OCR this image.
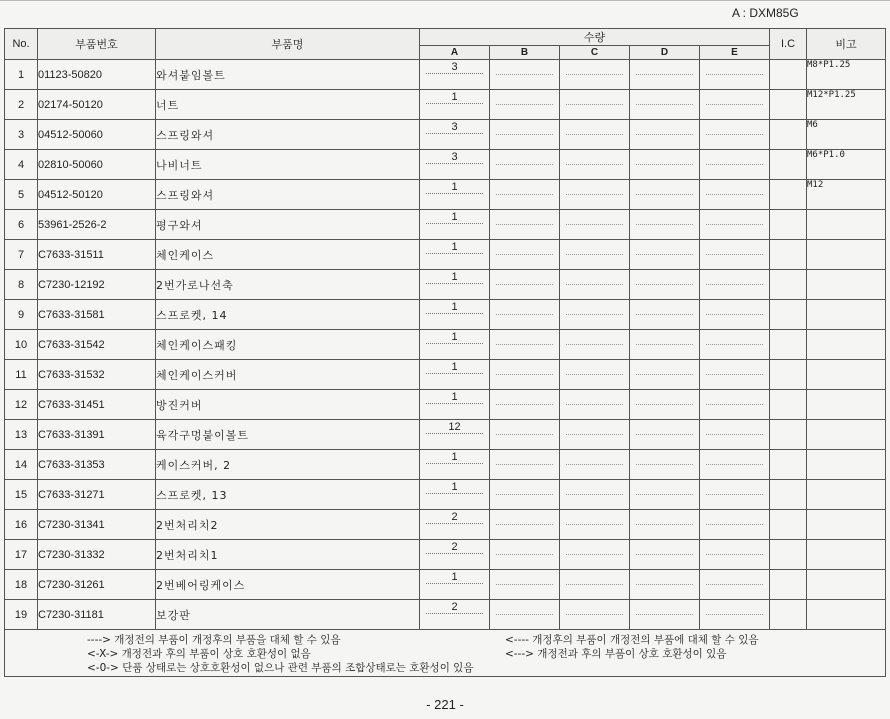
A : DXM85G
No.	부품번호	부품명	수량					I.C	비고
			A	B	C	D	E		
1	01123-50820	와셔붙임볼트	3						M8*P1.25
2	02174-50120	너트	1						M12*P1.25
3	04512-50060	스프링와셔	3						M6
4	02810-50060	나비너트	3						M6*P1.0
5	04512-50120	스프링와셔	1						M12
6	53961-2526-2	평구와셔	1						

7	C7633-31511	체인케이스	1						

8	C7230-12192	2번가로나선축	1						

9	C7633-31581	스프로켓, 14	1						

10	C7633-31542	체인케이스패킹	1						

11	C7633-31532	체인케이스커버	1						

12	C7633-31451	방진커버	1						

13	C7633-31391	육각구멍붙이볼트	12						

14	C7633-31353	케이스커버, 2	1						

15	C7633-31271	스프로켓, 13	1						

16	C7230-31341	2번처리치2	2						

17	C7230-31332	2번처리치1	2						

18	C7230-31261	2번베어링케이스	1						

19	C7230-31181	보강판	2						

----> 개정전의 부품이 개정후의 부품을 대체 할 수 있음 <---- 개정후의 부품이 개정전의 부품에 대체 할 수 있음
<-X-> 개정전과 후의 부품이 상호 호환성이 없음 <---> 개정전과 후의 부품이 상호 호환성이 있음
<-0-> 단품 상태로는 상호호환성이 없으나 관련 부품의 조합상태로는 호환성이 있음									
- 221 -
